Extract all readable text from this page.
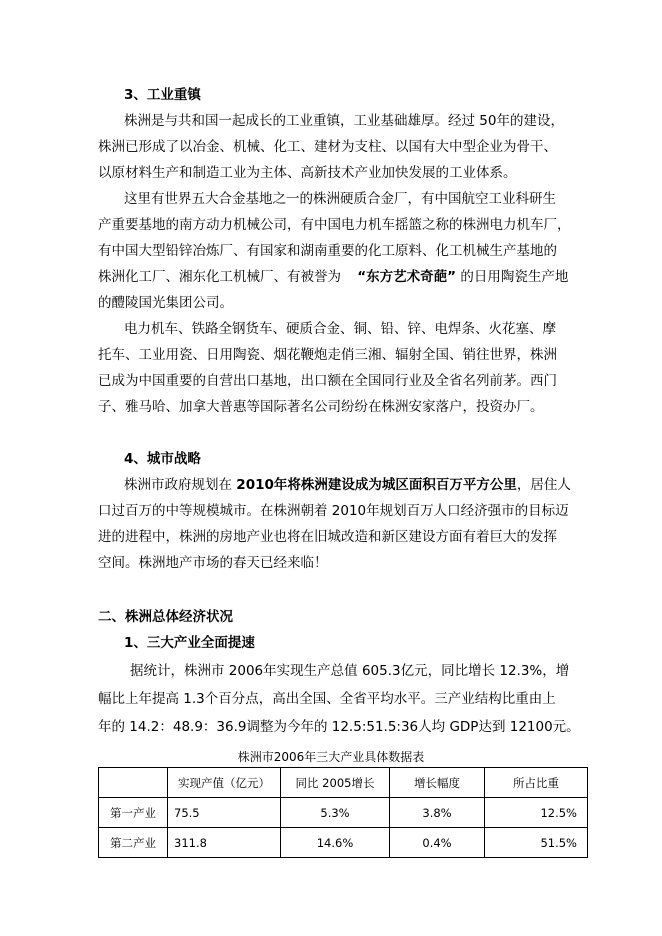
3、工业重镇
株洲是与共和国一起成长的工业重镇，工业基础雄厚。经过 50年的建设，
株洲已形成了以冶金、机械、化工、建材为支柱、以国有大中型企业为骨干、
以原材料生产和制造工业为主体、高新技术产业加快发展的工业体系。
这里有世界五大合金基地之一的株洲硬质合金厂，有中国航空工业科研生
产重要基地的南方动力机械公司，有中国电力机车摇篮之称的株洲电力机车厂，
有中国大型铅锌冶炼厂、有国家和湖南重要的化工原料、化工机械生产基地的
株洲化工厂、湘东化工机械厂、有被誉为 “东方艺术奇葩” 的日用陶瓷生产地
的醴陵国光集团公司。
电力机车、铁路全钢货车、硬质合金、铜、铅、锌、电焊条、火花塞、摩
托车、工业用瓷、日用陶瓷、烟花鞭炮走俏三湘、辐射全国、销往世界，株洲
已成为中国重要的自营出口基地，出口额在全国同行业及全省名列前茅。西门
子、雅马哈、加拿大普惠等国际著名公司纷纷在株洲安家落户，投资办厂。
4、城市战略
株洲市政府规划在 2010年将株洲建设成为城区面积百万平方公里，居住人
口过百万的中等规模城市。在株洲朝着 2010年规划百万人口经济强市的目标迈
进的进程中，株洲的房地产业也将在旧城改造和新区建设方面有着巨大的发挥
空间。株洲地产市场的春天已经来临！
二、株洲总体经济状况
1、三大产业全面提速
据统计，株洲市 2006年实现生产总值 605.3亿元，同比增长 12.3%，增
幅比上年提高 1.3个百分点，高出全国、全省平均水平。三产业结构比重由上
年的 14.2：48.9：36.9调整为今年的 12.5:51.5:36人均 GDP达到 12100元。
株洲市2006年三大产业具体数据表
	实现产值（亿元）	同比 2005增长	增长幅度	所占比重
第一产业	75.5	5.3%	3.8%	12.5%
第二产业	311.8	14.6%	0.4%	51.5%
